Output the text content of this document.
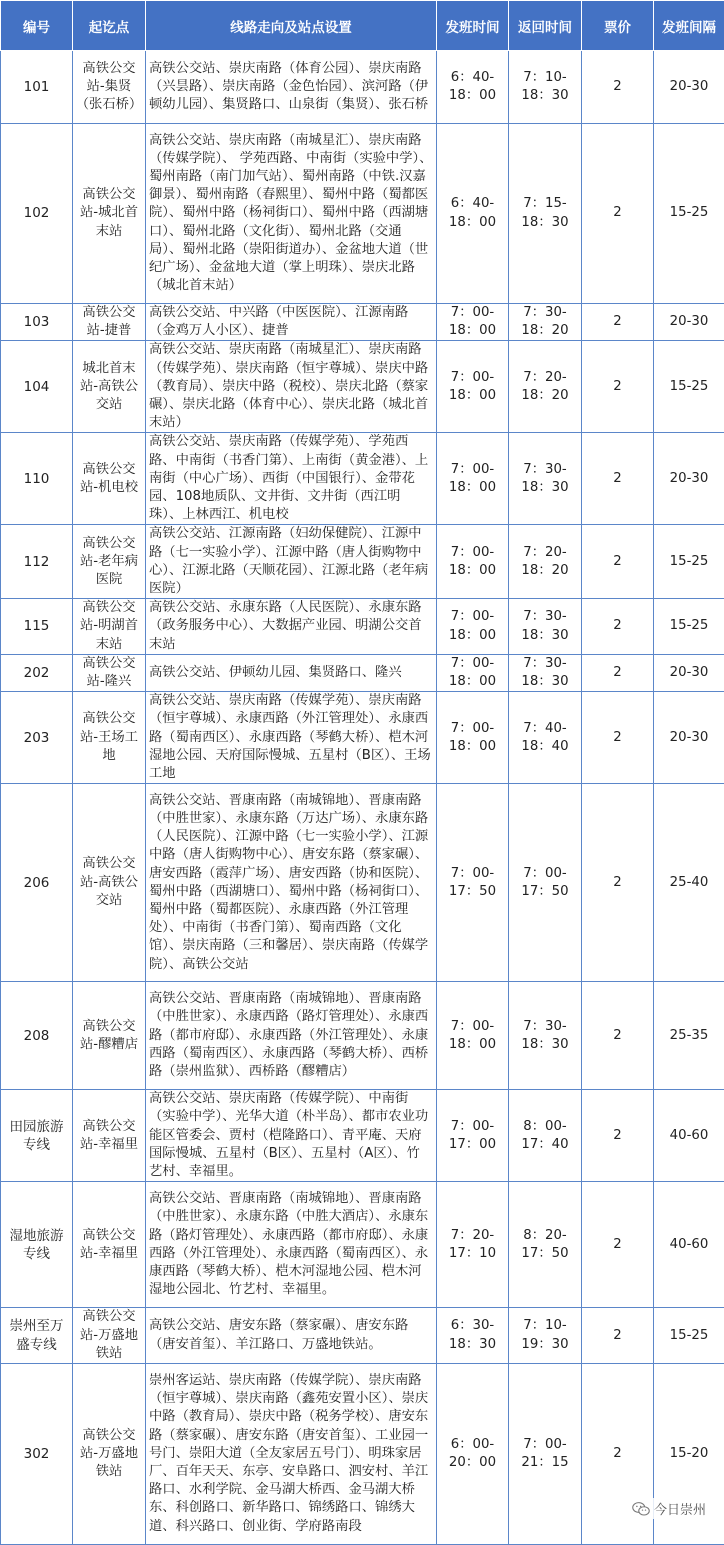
编号	起讫点	线路走向及站点设置	发班时间	返回时间	票价	发班间隔
101	高铁公交站-集贤（张石桥）	高铁公交站、崇庆南路（体育公园）、崇庆南路（兴昙路）、崇庆南路（金色怡园）、滨河路（伊顿幼儿园）、集贤路口、山泉街（集贤）、张石桥	6：40-18：00	7：10-18：30	2	20-30
102	高铁公交站-城北首末站	高铁公交站、崇庆南路（南城星汇）、崇庆南路（传媒学院）、 学苑西路、中南街（实验中学）、蜀州南路（南门加气站）、蜀州南路（中铁.汉嘉御景）、蜀州南路（春熙里）、蜀州中路（蜀都医院）、蜀州中路（杨祠街口）、蜀州中路（西湖塘口）、蜀州北路（文化街）、蜀州北路（交通局）、蜀州北路（崇阳街道办）、金盆地大道（世纪广场）、金盆地大道（掌上明珠）、崇庆北路（城北首末站）	6：40-18：00	7：15-18：30	2	15-25
103	高铁公交站-捷普	高铁公交站、中兴路（中医医院）、江源南路（金鸡万人小区）、捷普	7：00-18：00	7：30-18：20	2	20-30
104	城北首末站-高铁公交站	高铁公交站、崇庆南路（南城星汇）、崇庆南路（传媒学苑）、崇庆南路（恒宇尊城）、崇庆中路（教育局）、崇庆中路（税校）、崇庆北路（蔡家碾）、崇庆北路（体育中心）、崇庆北路（城北首末站）	7：00-18：00	7：20-18：20	2	15-25
110	高铁公交站-机电校	高铁公交站、崇庆南路（传媒学苑）、学苑西路、中南街（书香门第）、上南街（黄金港）、上南街（中心广场）、西街（中国银行）、金带花园、108地质队、文井街、文井街（西江明珠）、上林西江、机电校	7：00-18：00	7：30-18：30	2	20-30
112	高铁公交站-老年病医院	高铁公交站、江源南路（妇幼保健院）、江源中路（七一实验小学）、江源中路（唐人街购物中心）、江源北路（天顺花园）、江源北路（老年病医院）	7：00-18：00	7：20-18：20	2	15-25
115	高铁公交站-明湖首末站	高铁公交站、永康东路（人民医院）、永康东路（政务服务中心）、大数据产业园、明湖公交首末站	7：00-18：00	7：30-18：30	2	15-25
202	高铁公交站-隆兴	高铁公交站、伊顿幼儿园、集贤路口、隆兴	7：00-18：00	7：30-18：30	2	20-30
203	高铁公交站-王场工地	高铁公交站、崇庆南路（传媒学苑）、崇庆南路（恒宇尊城）、永康西路（外江管理处）、永康西路（蜀南西区）、永康西路（琴鹤大桥）、桤木河湿地公园、天府国际慢城、五星村（B区）、王场工地	7：00-18：00	7：40-18：40	2	20-30
206	高铁公交站-高铁公交站	高铁公交站、晋康南路（南城锦地）、晋康南路（中胜世家）、永康东路（万达广场）、永康东路（人民医院）、江源中路（七一实验小学）、江源中路（唐人街购物中心）、唐安东路（蔡家碾）、唐安西路（霞萍广场）、唐安西路（协和医院）、蜀州中路（西湖塘口）、蜀州中路（杨祠街口）、蜀州中路（蜀都医院）、永康西路（外江管理处）、中南街（书香门第）、蜀南西路（文化馆）、崇庆南路（三和馨居）、崇庆南路（传媒学院）、高铁公交站	7：00-17：50	7：00-17：50	2	25-40
208	高铁公交站-醪糟店	高铁公交站、晋康南路（南城锦地）、晋康南路（中胜世家）、永康西路（路灯管理处）、永康西路（都市府邸）、永康西路（外江管理处）、永康西路（蜀南西区）、永康西路（琴鹤大桥）、西桥路（崇州监狱）、西桥路（醪糟店）	7：00-18：00	7：30-18：30	2	25-35
田园旅游专线	高铁公交站-幸福里	高铁公交站、崇庆南路（传媒学院）、中南街（实验中学）、光华大道（朴半岛）、都市农业功能区管委会、贾村（桤隆路口）、青平庵、天府国际慢城、五星村（B区）、五星村（A区）、竹艺村、幸福里。	7：00-17：00	8：00-17：40	2	40-60
湿地旅游专线	高铁公交站-幸福里	高铁公交站、晋康南路（南城锦地）、晋康南路（中胜世家）、永康东路（中胜大酒店）、永康东路（路灯管理处）、永康西路（都市府邸）、永康西路（外江管理处）、永康西路（蜀南西区）、永康西路（琴鹤大桥）、桤木河湿地公园、桤木河湿地公园北、竹艺村、幸福里。	7：20-17：10	8：20-17：50	2	40-60
崇州至万盛专线	高铁公交站-万盛地铁站	高铁公交站、唐安东路（蔡家碾）、唐安东路（唐安首玺）、羊江路口、万盛地铁站。	6：30-18：30	7：10-19：30	2	15-25
302	高铁公交站-万盛地铁站	崇州客运站、崇庆南路（传媒学院）、崇庆南路（恒宇尊城）、崇庆南路（鑫苑安置小区）、崇庆中路（教育局）、崇庆中路（税务学校）、唐安东路（蔡家碾）、唐安东路（唐安首玺）、工业园一号门、崇阳大道（全友家居五号门）、明珠家居厂、百年天天、东亭、安阜路口、泗安村、羊江路口、水利学院、金马湖大桥西、金马湖大桥东、科创路口、新华路口、锦绣路口、锦绣大道、科兴路口、创业街、学府路南段	6：00-20：00	7：00-21：15	2	15-20
今日崇州
